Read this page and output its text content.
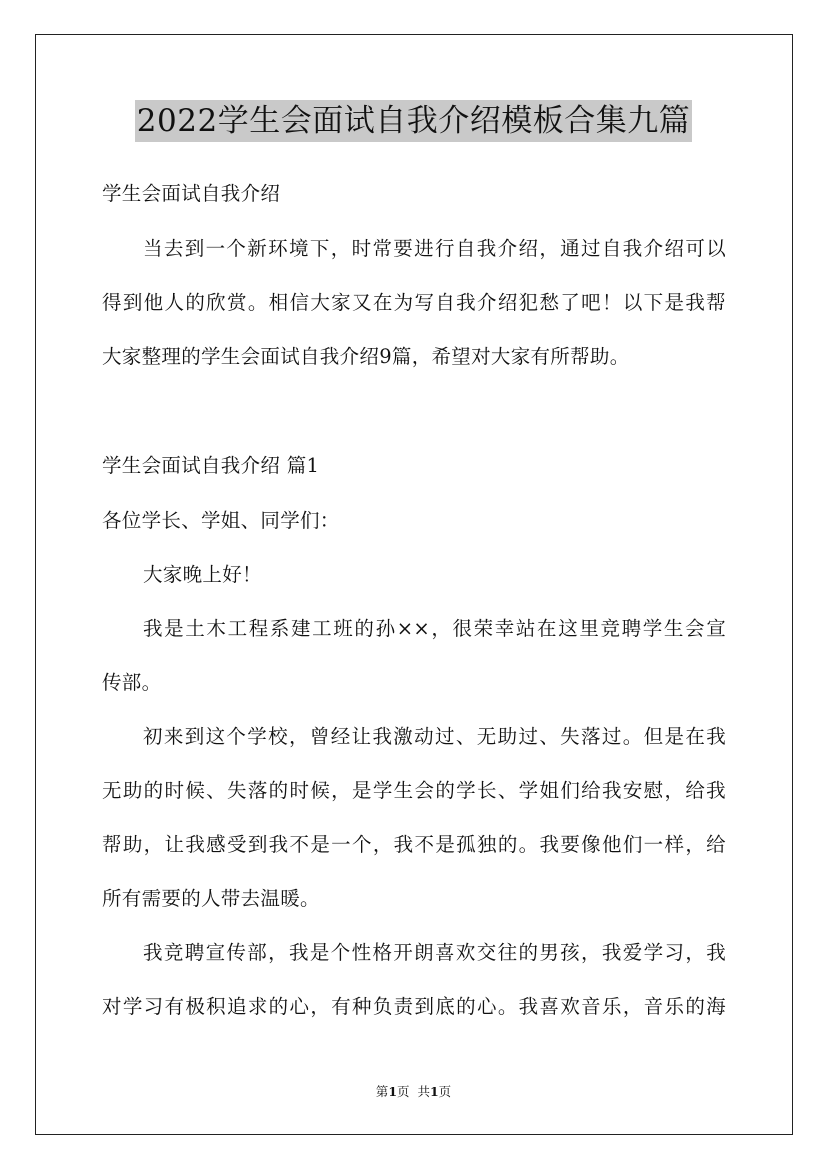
2022学生会面试自我介绍模板合集九篇
学生会面试自我介绍
当去到一个新环境下，时常要进行自我介绍，通过自我介绍可以
得到他人的欣赏。相信大家又在为写自我介绍犯愁了吧！以下是我帮
大家整理的学生会面试自我介绍9篇，希望对大家有所帮助。
学生会面试自我介绍 篇1
各位学长、学姐、同学们：
大家晚上好！
我是土木工程系建工班的孙××，很荣幸站在这里竞聘学生会宣
传部。
初来到这个学校，曾经让我激动过、无助过、失落过。但是在我
无助的时候、失落的时候，是学生会的学长、学姐们给我安慰，给我
帮助，让我感受到我不是一个，我不是孤独的。我要像他们一样，给
所有需要的人带去温暖。
我竞聘宣传部，我是个性格开朗喜欢交往的男孩，我爱学习，我
对学习有极积追求的心，有种负责到底的心。我喜欢音乐，音乐的海
第1页  共1页
